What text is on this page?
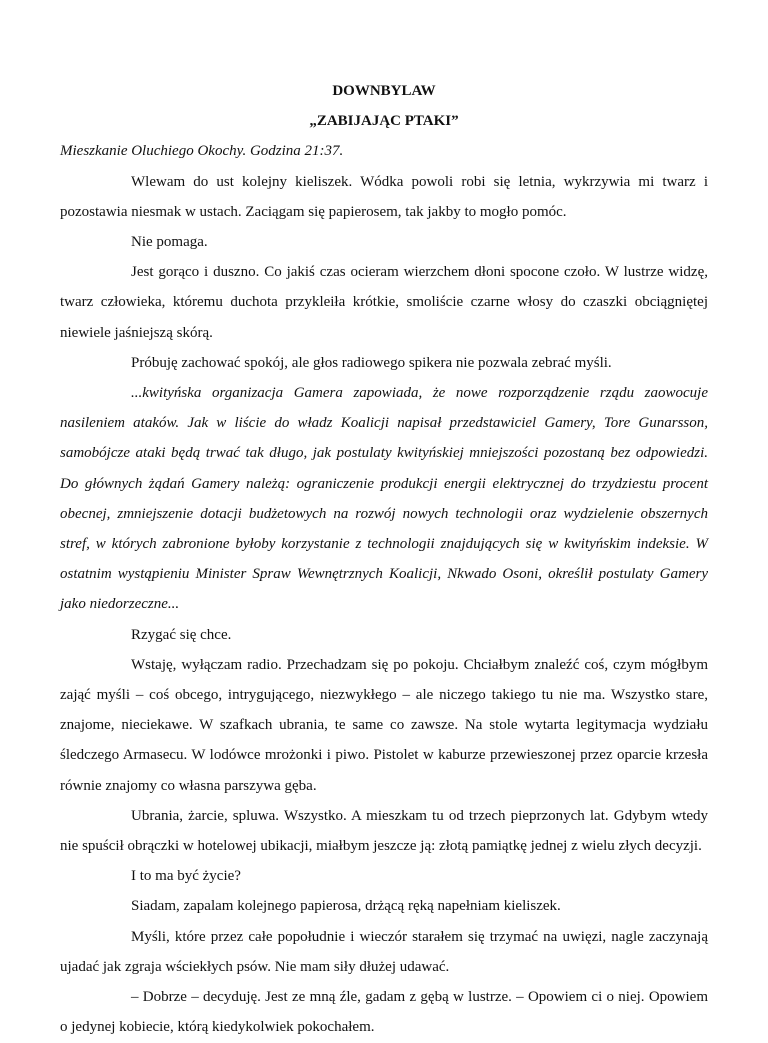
DOWNBYLAW
„ZABIJAJĄC PTAKI”
Mieszkanie Oluchiego Okochy. Godzina 21:37.

Wlewam do ust kolejny kieliszek. Wódka powoli robi się letnia, wykrzywia mi twarz i pozostawia niesmak w ustach. Zaciągam się papierosem, tak jakby to mogło pomóc.

Nie pomaga.

Jest gorąco i duszno. Co jakiś czas ocieram wierzchem dłoni spocone czoło. W lustrze widzę, twarz człowieka, któremu duchota przykleiła krótkie, smoliście czarne włosy do czaszki obciągniętej niewiele jaśniejszą skórą.

Próbuję zachować spokój, ale głos radiowego spikera nie pozwala zebrać myśli.

...kwityńska organizacja Gamera zapowiada, że nowe rozporządzenie rządu zaowocuje nasileniem ataków. Jak w liście do władz Koalicji napisał przedstawiciel Gamery, Tore Gunarsson, samobójcze ataki będą trwać tak długo, jak postulaty kwityńskiej mniejszości pozostaną bez odpowiedzi. Do głównych żądań Gamery należą: ograniczenie produkcji energii elektrycznej do trzydziestu procent obecnej, zmniejszenie dotacji budżetowych na rozwój nowych technologii oraz wydzielenie obszernych stref, w których zabronione byłoby korzystanie z technologii znajdujących się w kwityńskim indeksie. W ostatnim wystąpieniu Minister Spraw Wewnętrznych Koalicji, Nkwado Osoni, określił postulaty Gamery jako niedorzeczne...

Rzygać się chce.

Wstaję, wyłączam radio. Przechadzam się po pokoju. Chciałbym znaleźć coś, czym mógłbym zająć myśli – coś obcego, intrygującego, niezwykłego – ale niczego takiego tu nie ma. Wszystko stare, znajome, nieciekawe. W szafkach ubrania, te same co zawsze. Na stole wytarta legitymacja wydziału śledczego Armasecu. W lodówce mrożonki i piwo. Pistolet w kaburze przewieszonej przez oparcie krzesła równie znajomy co własna parszywa gęba.

Ubrania, żarcie, spluwa. Wszystko. A mieszkam tu od trzech pieprzonych lat. Gdybym wtedy nie spuścił obrączki w hotelowej ubikacji, miałbym jeszcze ją: złotą pamiątkę jednej z wielu złych decyzji.

I to ma być życie?

Siadam, zapalam kolejnego papierosa, drżącą ręką napełniam kieliszek.

Myśli, które przez całe popołudnie i wieczór starałem się trzymać na uwięzi, nagle zaczynają ujadać jak zgraja wściekłych psów. Nie mam siły dłużej udawać.

– Dobrze – decyduję. Jest ze mną źle, gadam z gębą w lustrze. – Opowiem ci o niej. Opowiem o jedynej kobiecie, którą kiedykolwiek pokochałem.
